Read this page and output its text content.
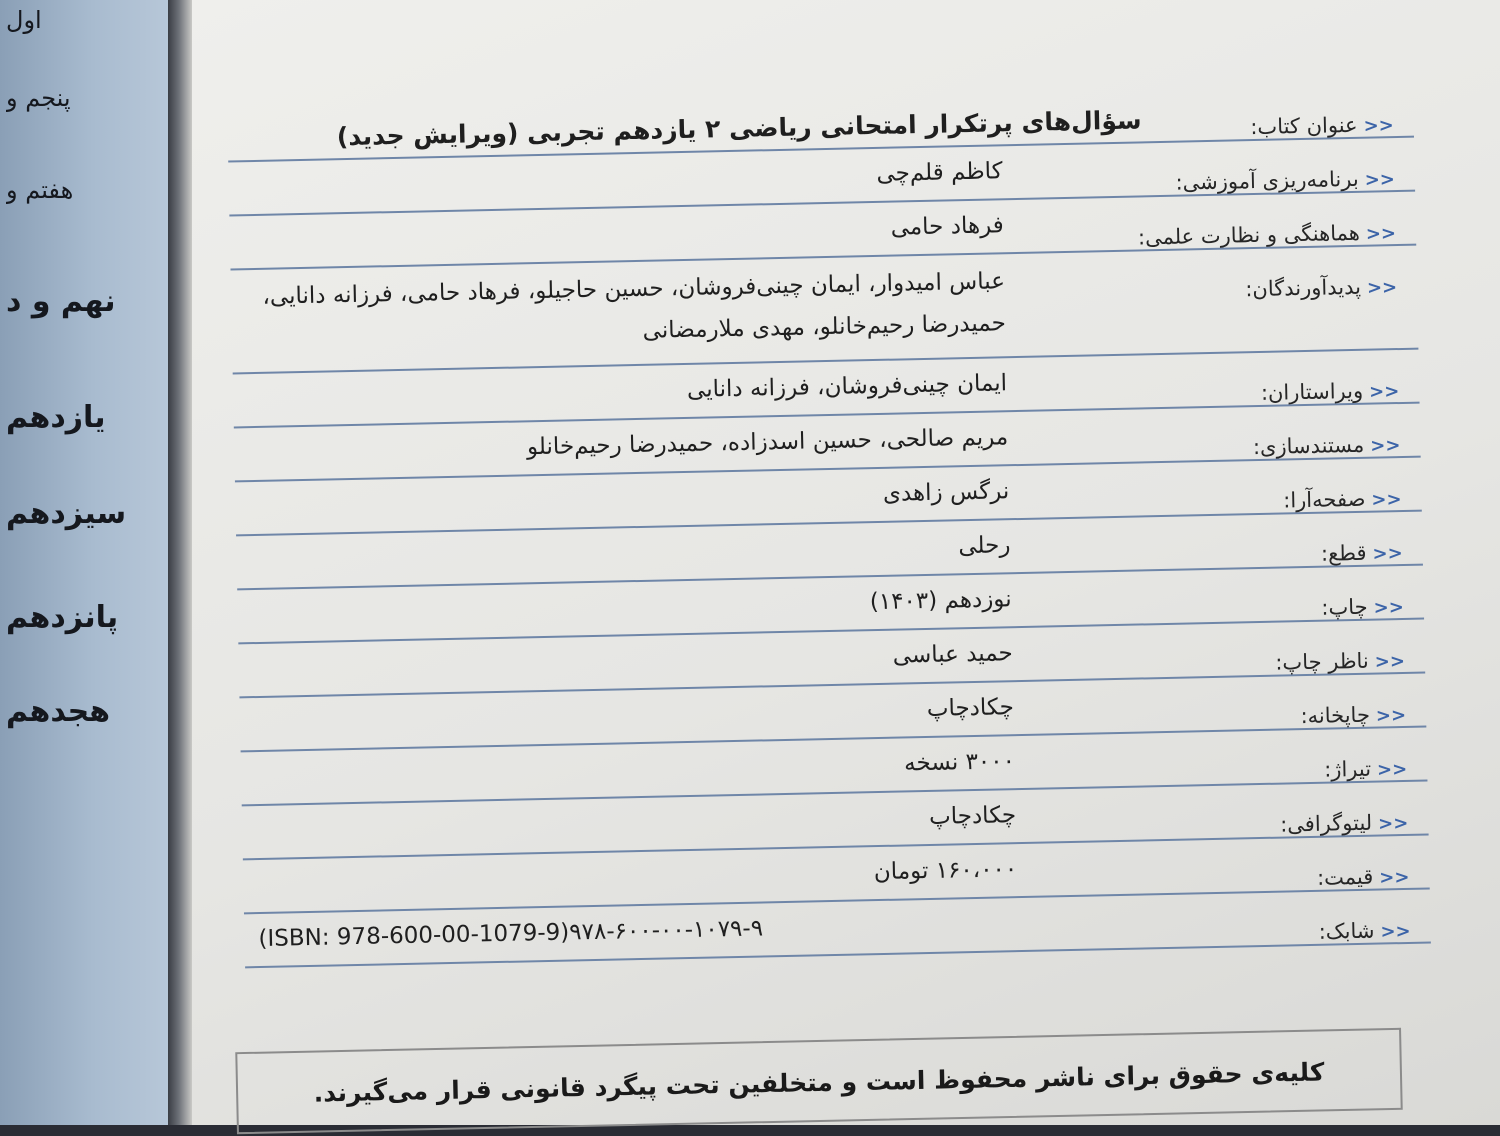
اول
پنجم و
هفتم و
نهم و د
یازدهم
سیزدهم
پانزدهم
هجدهم
<<عنوان کتاب:
سؤال‌های پرتکرار امتحانی ریاضی ۲ یازدهم تجربی (ویرایش جدید)
<<برنامه‌ریزی آموزشی:
کاظم قلم‌چی
<<هماهنگی و نظارت علمی:
فرهاد حامی
<<پدیدآورندگان:
عباس امیدوار، ایمان چینی‌فروشان، حسین حاجیلو، فرهاد حامی، فرزانه دانایی،
حمیدرضا رحیم‌خانلو، مهدی ملارمضانی
<<ویراستاران:
ایمان چینی‌فروشان، فرزانه دانایی
<<مستندسازی:
مریم صالحی، حسین اسدزاده، حمیدرضا رحیم‌خانلو
<<صفحه‌آرا:
نرگس زاهدی
<<قطع:
رحلی
<<چاپ:
نوزدهم (۱۴۰۳)
<<ناظر چاپ:
حمید عباسی
<<چاپخانه:
چکادچاپ
<<تیراژ:
۳۰۰۰ نسخه
<<لیتوگرافی:
چکادچاپ
<<قیمت:
۱۶۰،۰۰۰ تومان
<<شابک:
(ISBN: 978-600-00-1079-9)۹۷۸-۶۰۰-۰۰-۱۰۷۹-۹
کلیه‌ی حقوق برای ناشر محفوظ است و متخلفین تحت پیگرد قانونی قرار می‌گیرند.
